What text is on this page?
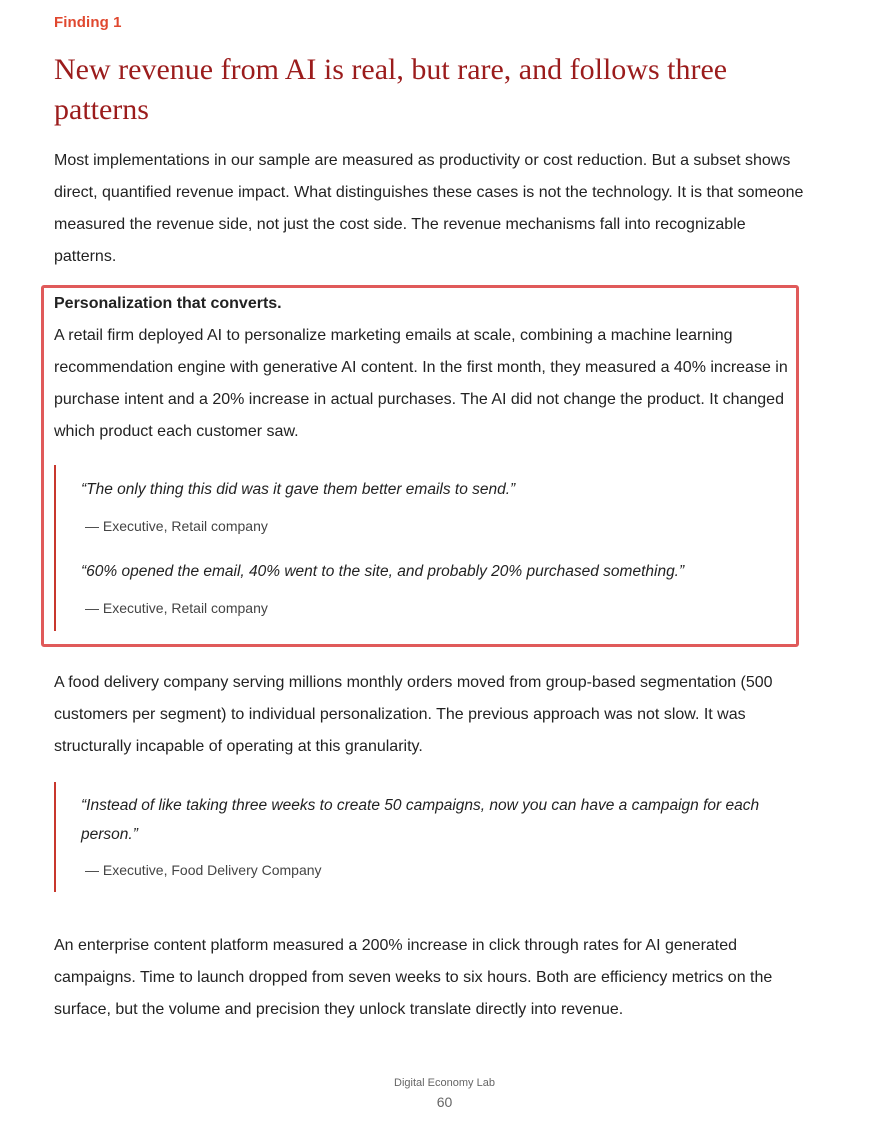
Finding 1
New revenue from AI is real, but rare, and follows three patterns

Most implementations in our sample are measured as productivity or cost reduction. But a subset shows direct, quantified revenue impact. What distinguishes these cases is not the technology. It is that someone measured the revenue side, not just the cost side. The revenue mechanisms fall into recognizable patterns.

Personalization that converts.

A retail firm deployed AI to personalize marketing emails at scale, combining a machine learning recommendation engine with generative AI content. In the first month, they measured a 40% increase in purchase intent and a 20% increase in actual purchases. The AI did not change the product. It changed which product each customer saw.

“The only thing this did was it gave them better emails to send.”

— Executive, Retail company

“60% opened the email, 40% went to the site, and probably 20% purchased something.”

— Executive, Retail company

A food delivery company serving millions monthly orders moved from group-based segmentation (500 customers per segment) to individual personalization. The previous approach was not slow. It was structurally incapable of operating at this granularity.

“Instead of like taking three weeks to create 50 campaigns, now you can have a campaign for each person.”

— Executive, Food Delivery Company

An enterprise content platform measured a 200% increase in click through rates for AI generated campaigns. Time to launch dropped from seven weeks to six hours. Both are efficiency metrics on the surface, but the volume and precision they unlock translate directly into revenue.

Digital Economy Lab
60
